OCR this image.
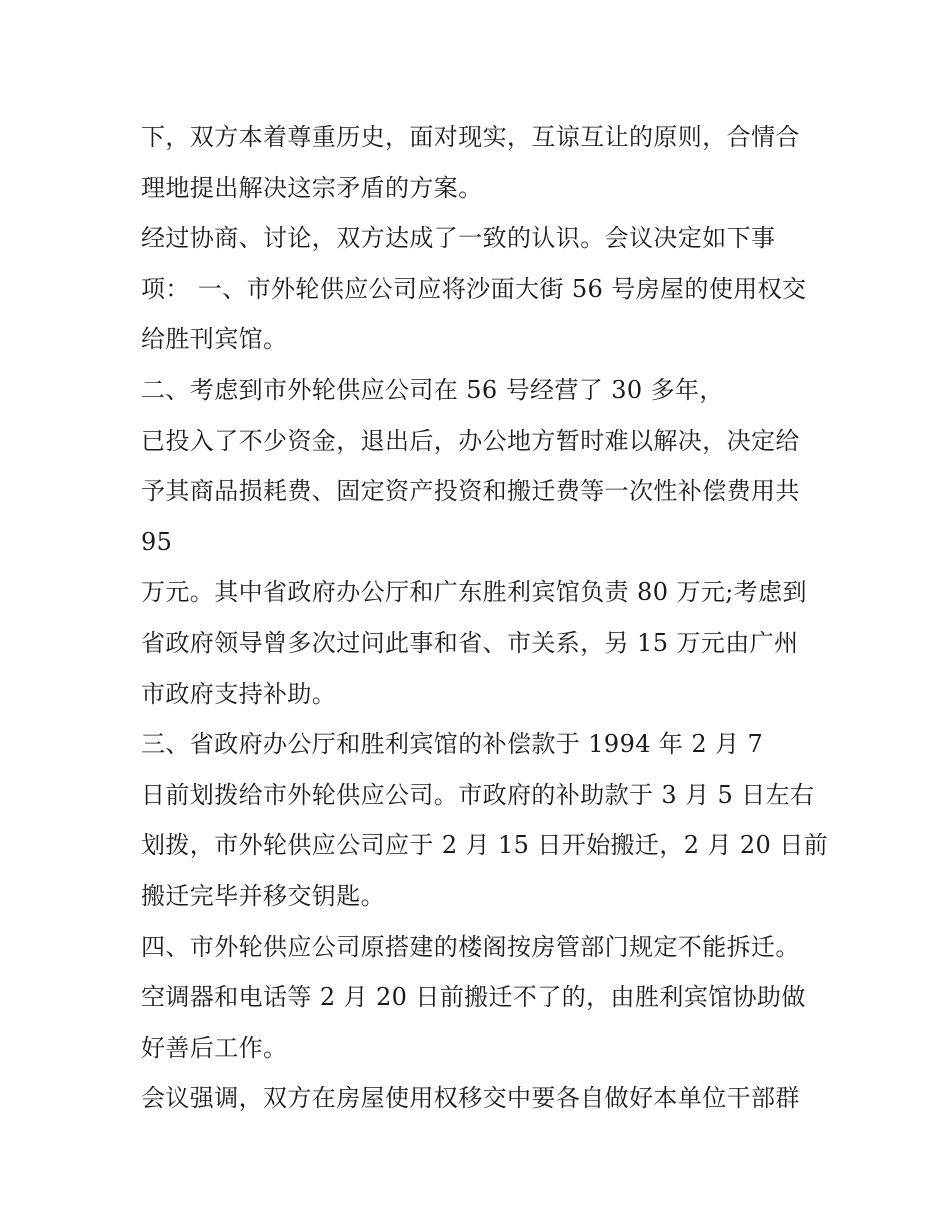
下，双方本着尊重历史，面对现实，互谅互让的原则，合情合
理地提出解决这宗矛盾的方案。
经过协商、讨论，双方达成了一致的认识。会议决定如下事
项： 一、市外轮供应公司应将沙面大街 56 号房屋的使用权交
给胜刊宾馆。
二、考虑到市外轮供应公司在 56 号经营了 30 多年，
已投入了不少资金，退出后，办公地方暂时难以解决，决定给
予其商品损耗费、固定资产投资和搬迁费等一次性补偿费用共
95
万元。其中省政府办公厅和广东胜利宾馆负责 80 万元;考虑到
省政府领导曾多次过问此事和省、市关系，另 15 万元由广州
市政府支持补助。
三、省政府办公厅和胜利宾馆的补偿款于 1994 年 2 月 7
日前划拨给市外轮供应公司。市政府的补助款于 3 月 5 日左右
划拨，市外轮供应公司应于 2 月 15 日开始搬迁，2 月 20 日前
搬迁完毕并移交钥匙。
四、市外轮供应公司原搭建的楼阁按房管部门规定不能拆迁。
空调器和电话等 2 月 20 日前搬迁不了的，由胜利宾馆协助做
好善后工作。
会议强调，双方在房屋使用权移交中要各自做好本单位干部群
